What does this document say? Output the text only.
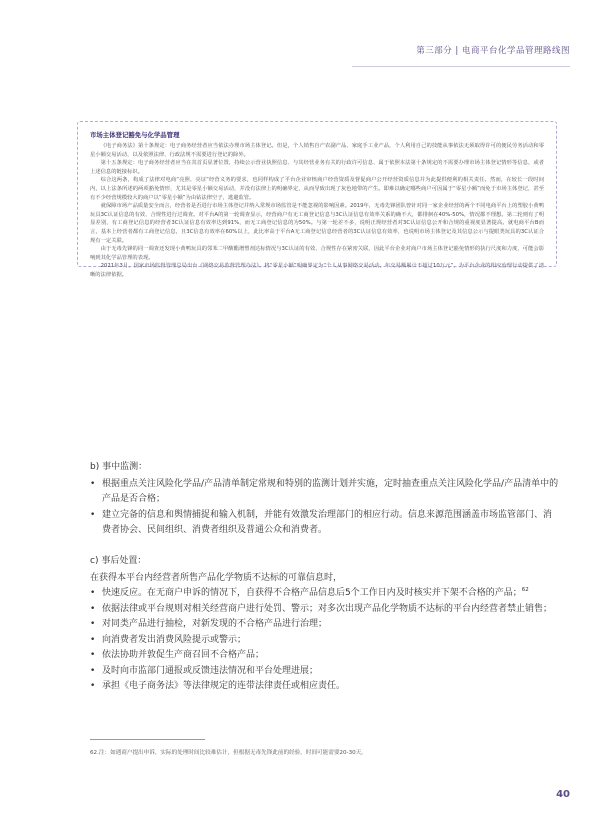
第三部分 | 电商平台化学品管理路线图
市场主体登记豁免与化学品管理

《电子商务法》第十条规定：电子商务经营者应当依法办理市场主体登记。但是，个人销售自产农副产品、家庭手工业产品，个人利用自己的技能从事依法无须取得许可的便民劳务活动和零星小额交易活动，以及依照法律、行政法规不需要进行登记的除外。

第十五条规定：电子商务经营者应当在其首页显著位置，持续公示营业执照信息、与其经营业务有关的行政许可信息、属于依照本法第十条规定的不需要办理市场主体登记情形等信息，或者上述信息的链接标识。

综合这两条，构成了法律对电商“亮照、亮证”经营义务的要求，也同样构成了平台企业审核商户经营资质及督促商户公开经营资质信息并为此提供便利的相关责任。然而，在较长一段时间内，以上法条所述的两项豁免情形，尤其是零星小额交易活动，并没有法律上的明确界定，从而导致出现了灰色地带的产生。即难以确定哪些商户可因属于“零星小额”而免于市场主体登记，甚至有不少经营规模较大的商户以“零星小额”为由钻法律空子，逃避监管。

就保障市场产品质量安全而言，经营者是否进行市场主体登记并纳入常规市场监管是不能忽视的影响因素。2019年，无毒先锋团队曾针对同一家企业经营的两个不同电商平台上的塑胶小黄鸭玩具3C认证信息的有效、合规性进行过调查。对平台A的第一轮调查显示，经营商户有无工商登记信息与3C认证信息有效率关系的确不大，都徘徊在40%-50%，情况都不理想。第二轮则有了明显差别，有工商登记信息的经营者3C认证信息有效率达到91%，而无工商登记信息的为50%。与第一轮差不多，说明正规经营者对3C认证信息公开和合规的重视度显著提高。就电商平台B而言，基本上经营者都有工商登记信息，且3C信息有效率在60%以上，此比率高于平台A无工商登记信息经营者的3C认证信息有效率，也说明市场主体登记及其信息公示与提眼类玩具的3C认证合规有一定关联。

由于无毒先锋的同一调查还发现小黄鸭玩具的邻苯二甲酸酯增塑剂达标情况与3C认证的有效、合规性存在紧密关联，因此平台企业对商户市场主体登记豁免情形的执行尺度和力度，可能会影响到其化学品管理的表现。

2021年3月，国家市场监督管理总局出台《网络交易监督管理办法》，将“零星小额”明确界定为“个人从事网络交易活动，年交易额累计不超过10万元”，为平台企业的相应治理行动提供了清晰的法律依据。

b) 事中监测：

• 根据重点关注风险化学品/产品清单制定常规和特别的监测计划并实施，定时抽查重点关注风险化学品/产品清单中的产品是否合格；
• 建立完备的信息和舆情捕捉和输入机制，并能有效激发治理部门的相应行动。信息来源范围涵盖市场监管部门、消费者协会、民间组织、消费者组织及普通公众和消费者。

c) 事后处置：

在获得本平台内经营者所售产品化学物质不达标的可靠信息时，

• 快速反应。在无商户申诉的情况下，自获得不合格产品信息后5个工作日内及时核实并下架不合格的产品；$^{62}$
• 依据法律或平台规则对相关经营商户进行处罚、警示；对多次出现产品化学物质不达标的平台内经营者禁止销售；
• 对同类产品进行抽检，对新发现的不合格产品进行治理；
• 向消费者发出消费风险提示或警示；
• 依法协助并敦促生产商召回不合格产品；
• 及时向市监部门通报或反馈违法情况和平台处理进展；
• 承担《电子商务法》等法律规定的连带法律责任或相应责任。
62.注：如遇商户提出申诉，实际的处理时间比较难估计，但根据无毒先锋此前的经验，时间可能需要20-30天。
40
